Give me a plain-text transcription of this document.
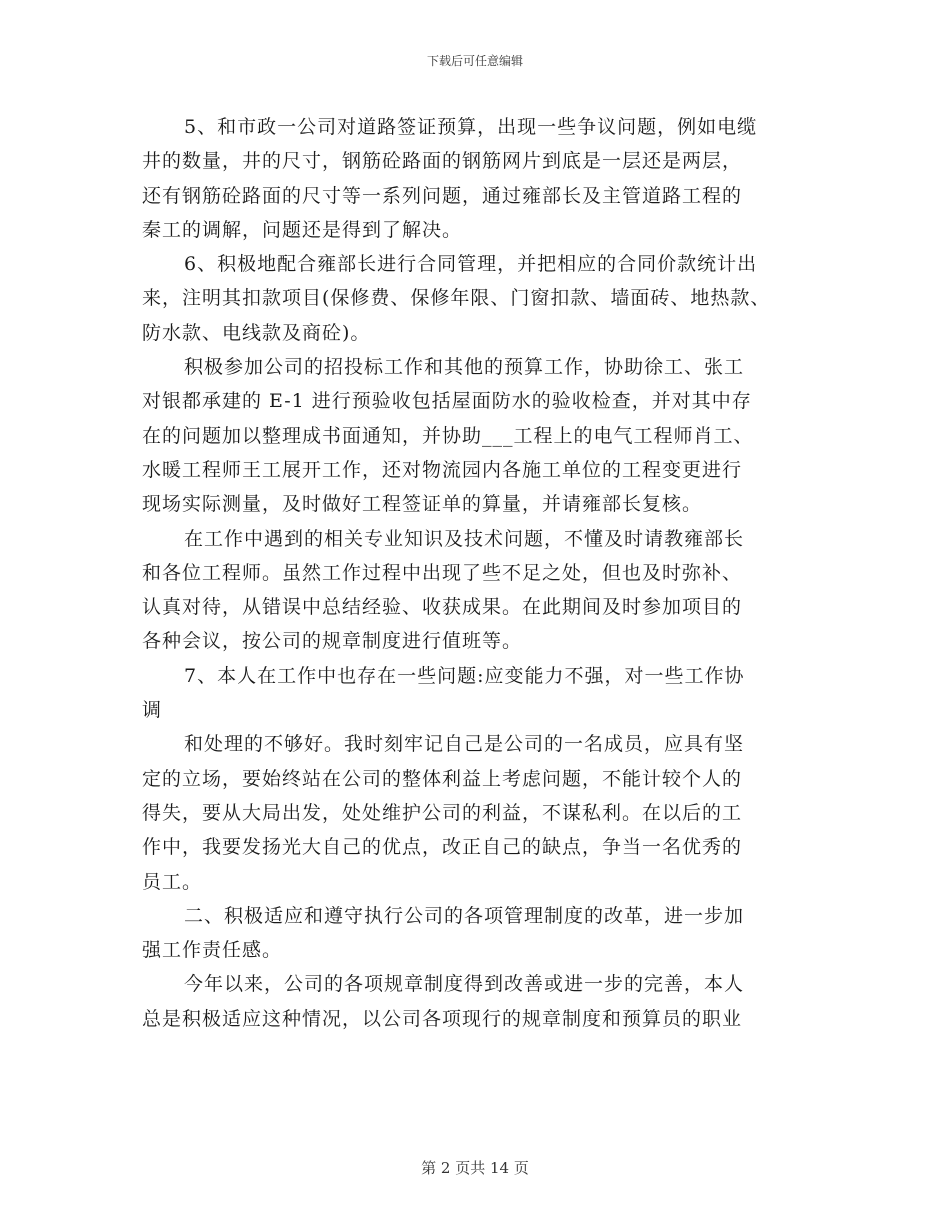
下载后可任意编辑

5、和市政一公司对道路签证预算，出现一些争议问题，例如电缆
井的数量，井的尺寸，钢筋砼路面的钢筋网片到底是一层还是两层，
还有钢筋砼路面的尺寸等一系列问题，通过雍部长及主管道路工程的
秦工的调解，问题还是得到了解决。

6、积极地配合雍部长进行合同管理，并把相应的合同价款统计出
来，注明其扣款项目(保修费、保修年限、门窗扣款、墙面砖、地热款、
防水款、电线款及商砼)。

积极参加公司的招投标工作和其他的预算工作，协助徐工、张工
对银都承建的 E-1 进行预验收包括屋面防水的验收检查，并对其中存
在的问题加以整理成书面通知，并协助___工程上的电气工程师肖工、
水暖工程师王工展开工作，还对物流园内各施工单位的工程变更进行
现场实际测量，及时做好工程签证单的算量，并请雍部长复核。

在工作中遇到的相关专业知识及技术问题，不懂及时请教雍部长
和各位工程师。虽然工作过程中出现了些不足之处，但也及时弥补、
认真对待，从错误中总结经验、收获成果。在此期间及时参加项目的
各种会议，按公司的规章制度进行值班等。

7、本人在工作中也存在一些问题:应变能力不强，对一些工作协
调

和处理的不够好。我时刻牢记自己是公司的一名成员，应具有坚
定的立场，要始终站在公司的整体利益上考虑问题，不能计较个人的
得失，要从大局出发，处处维护公司的利益，不谋私利。在以后的工
作中，我要发扬光大自己的优点，改正自己的缺点，争当一名优秀的
员工。

二、积极适应和遵守执行公司的各项管理制度的改革，进一步加
强工作责任感。

今年以来，公司的各项规章制度得到改善或进一步的完善，本人
总是积极适应这种情况，以公司各项现行的规章制度和预算员的职业

第 2 页共 14 页
